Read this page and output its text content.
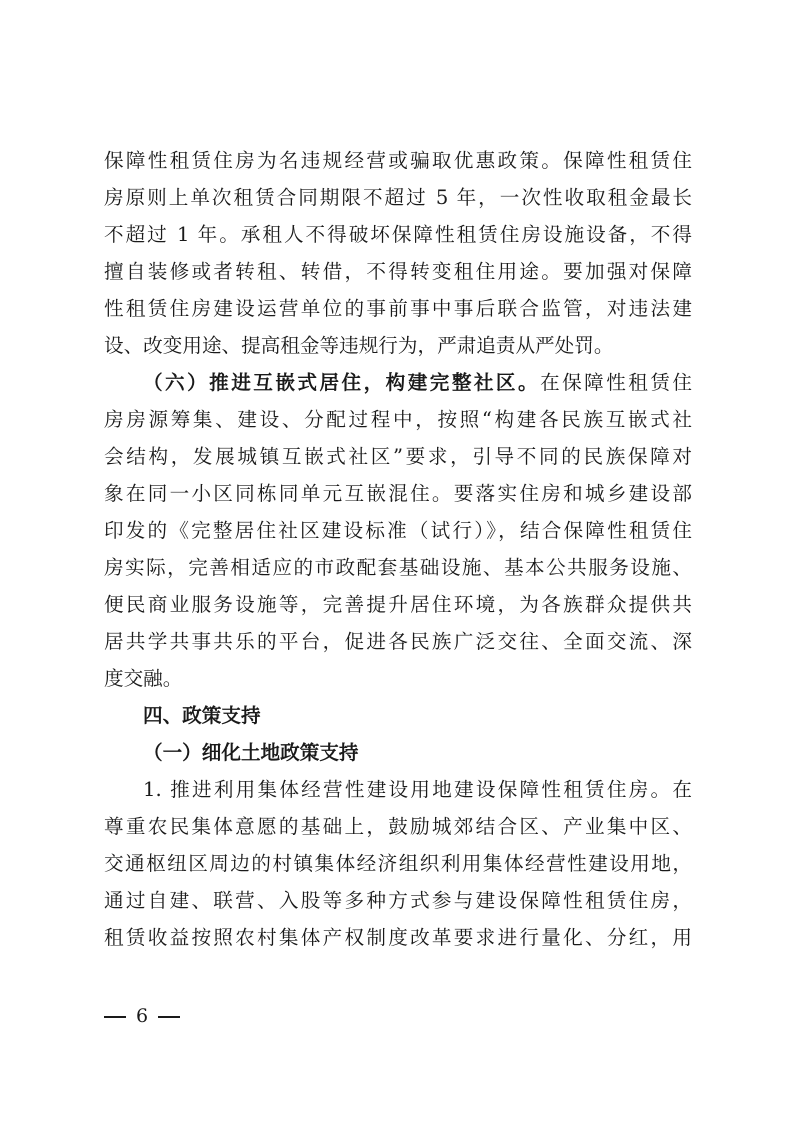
保障性租赁住房为名违规经营或骗取优惠政策。保障性租赁住
房原则上单次租赁合同期限不超过 5 年，一次性收取租金最长
不超过 1 年。承租人不得破坏保障性租赁住房设施设备，不得
擅自装修或者转租、转借，不得转变租住用途。要加强对保障
性租赁住房建设运营单位的事前事中事后联合监管，对违法建
设、改变用途、提高租金等违规行为，严肃追责从严处罚。
（六）推进互嵌式居住，构建完整社区。在保障性租赁住
房房源筹集、建设、分配过程中，按照“构建各民族互嵌式社
会结构，发展城镇互嵌式社区”要求，引导不同的民族保障对
象在同一小区同栋同单元互嵌混住。要落实住房和城乡建设部
印发的《完整居住社区建设标准（试行）》，结合保障性租赁住
房实际，完善相适应的市政配套基础设施、基本公共服务设施、
便民商业服务设施等，完善提升居住环境，为各族群众提供共
居共学共事共乐的平台，促进各民族广泛交往、全面交流、深
度交融。
四、政策支持
（一）细化土地政策支持
1. 推进利用集体经营性建设用地建设保障性租赁住房。在
尊重农民集体意愿的基础上，鼓励城郊结合区、产业集中区、
交通枢纽区周边的村镇集体经济组织利用集体经营性建设用地，
通过自建、联营、入股等多种方式参与建设保障性租赁住房，
租赁收益按照农村集体产权制度改革要求进行量化、分红，用
6
